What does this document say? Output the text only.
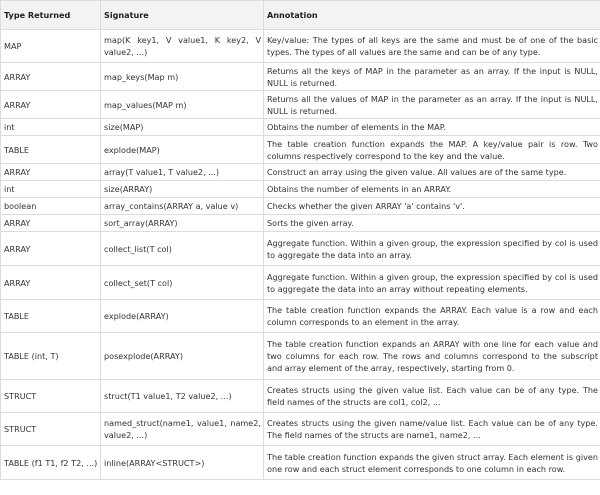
Type Returned	Signature	Annotation
MAP	map(K key1, V value1, K key2, V value2, ...)	Key/value: The types of all keys are the same and must be of one of the basic types. The types of all values are the same and can be of any type.
ARRAY	map_keys(Map m)	Returns all the keys of MAP in the parameter as an array. If the input is NULL, NULL is returned.
ARRAY	map_values(MAP m)	Returns all the values of MAP in the parameter as an array. If the input is NULL, NULL is returned.
int	size(MAP)	Obtains the number of elements in the MAP.
TABLE	explode(MAP)	The table creation function expands the MAP. A key/value pair is row. Two columns respectively correspond to the key and the value.
ARRAY	array(T value1, T value2, ...)	Construct an array using the given value. All values are of the same type.
int	size(ARRAY)	Obtains the number of elements in an ARRAY.
boolean	array_contains(ARRAY a, value v)	Checks whether the given ARRAY 'a' contains 'v'.
ARRAY	sort_array(ARRAY)	Sorts the given array.
ARRAY	collect_list(T col)	Aggregate function. Within a given group, the expression specified by col is used to aggregate the data into an array.
ARRAY	collect_set(T col)	Aggregate function. Within a given group, the expression specified by col is used to aggregate the data into an array without repeating elements.
TABLE	explode(ARRAY)	The table creation function expands the ARRAY. Each value is a row and each column corresponds to an element in the array.
TABLE (int, T)	posexplode(ARRAY)	The table creation function expands an ARRAY with one line for each value and two columns for each row. The rows and columns correspond to the subscript and array element of the array, respectively, starting from 0.
STRUCT	struct(T1 value1, T2 value2, ...)	Creates structs using the given value list. Each value can be of any type. The field names of the structs are col1, col2, ...
STRUCT	named_struct(name1, value1, name2, value2, ...)	Creates structs using the given name/value list. Each value can be of any type. The field names of the structs are name1, name2, ...
TABLE (f1 T1, f2 T2, ...)	inline(ARRAY<STRUCT>)	The table creation function expands the given struct array. Each element is given one row and each struct element corresponds to one column in each row.
